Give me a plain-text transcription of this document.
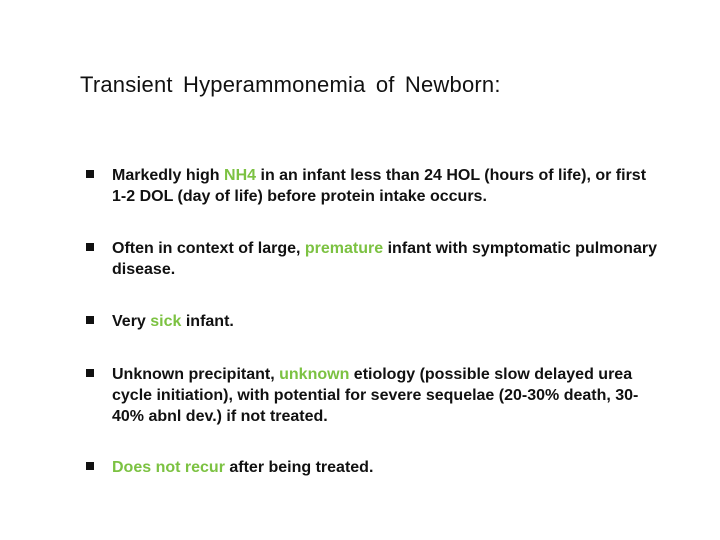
Transient Hyperammonemia of Newborn:
Markedly high NH4 in an infant less than 24 HOL (hours of life), or first 1-2 DOL (day of life) before protein intake occurs.
Often in context of large, premature infant with symptomatic pulmonary disease.
Very sick infant.
Unknown precipitant, unknown etiology (possible slow delayed urea cycle initiation), with potential for severe sequelae (20-30% death, 30-40% abnl dev.) if not treated.
Does not recur after being treated.
